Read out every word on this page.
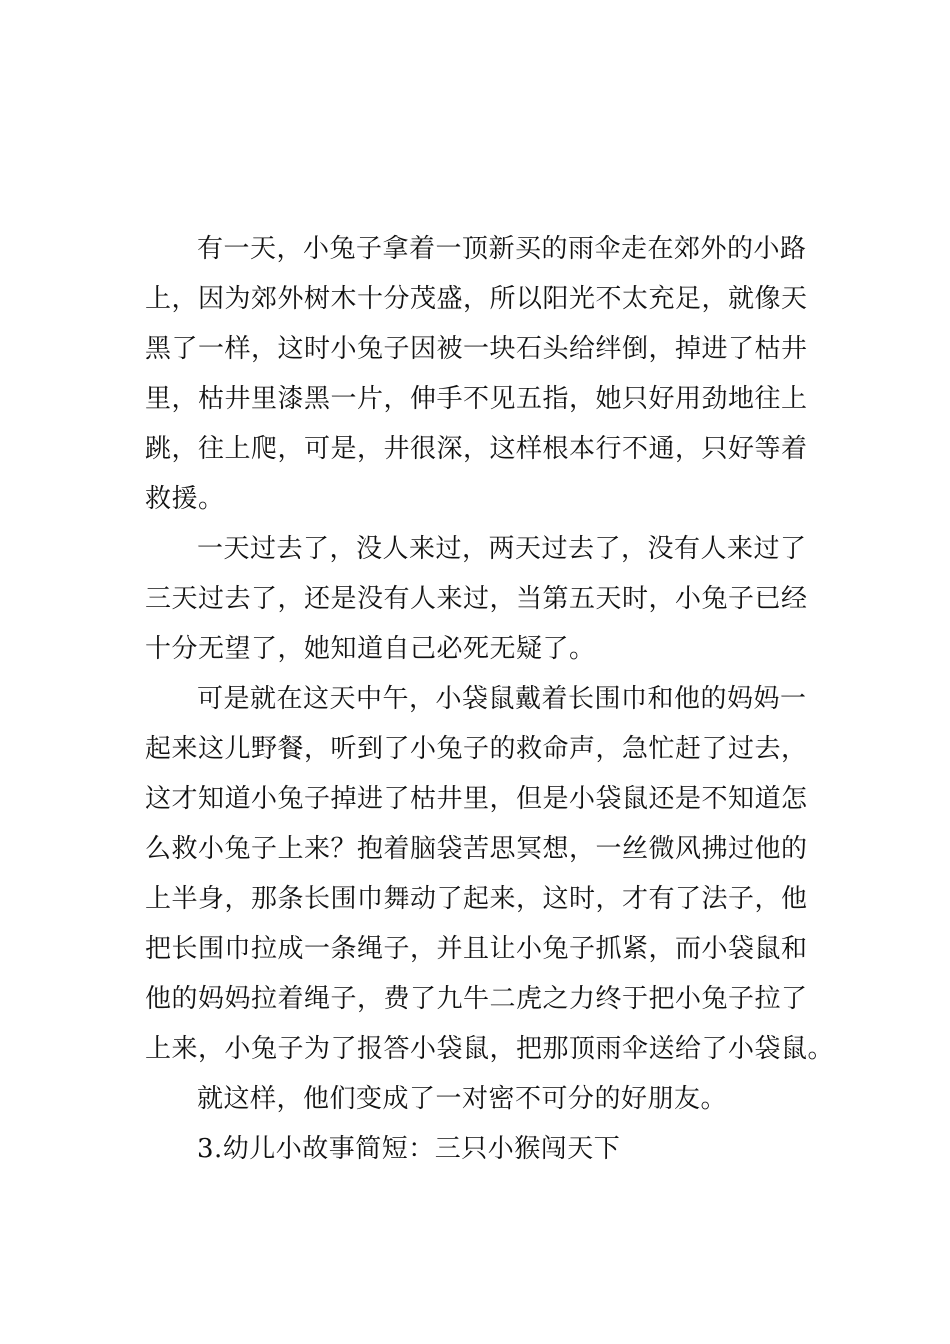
有一天，小兔子拿着一顶新买的雨伞走在郊外的小路
上，因为郊外树木十分茂盛，所以阳光不太充足，就像天
黑了一样，这时小兔子因被一块石头给绊倒，掉进了枯井
里，枯井里漆黑一片，伸手不见五指，她只好用劲地往上
跳，往上爬，可是，井很深，这样根本行不通，只好等着
救援。
一天过去了，没人来过，两天过去了，没有人来过了
三天过去了，还是没有人来过，当第五天时，小兔子已经
十分无望了，她知道自己必死无疑了。
可是就在这天中午，小袋鼠戴着长围巾和他的妈妈一
起来这儿野餐，听到了小兔子的救命声，急忙赶了过去，
这才知道小兔子掉进了枯井里，但是小袋鼠还是不知道怎
么救小兔子上来？抱着脑袋苦思冥想，一丝微风拂过他的
上半身，那条长围巾舞动了起来，这时，才有了法子，他
把长围巾拉成一条绳子，并且让小兔子抓紧，而小袋鼠和
他的妈妈拉着绳子，费了九牛二虎之力终于把小兔子拉了
上来，小兔子为了报答小袋鼠，把那顶雨伞送给了小袋鼠。
就这样，他们变成了一对密不可分的好朋友。
3.幼儿小故事简短：三只小猴闯天下
